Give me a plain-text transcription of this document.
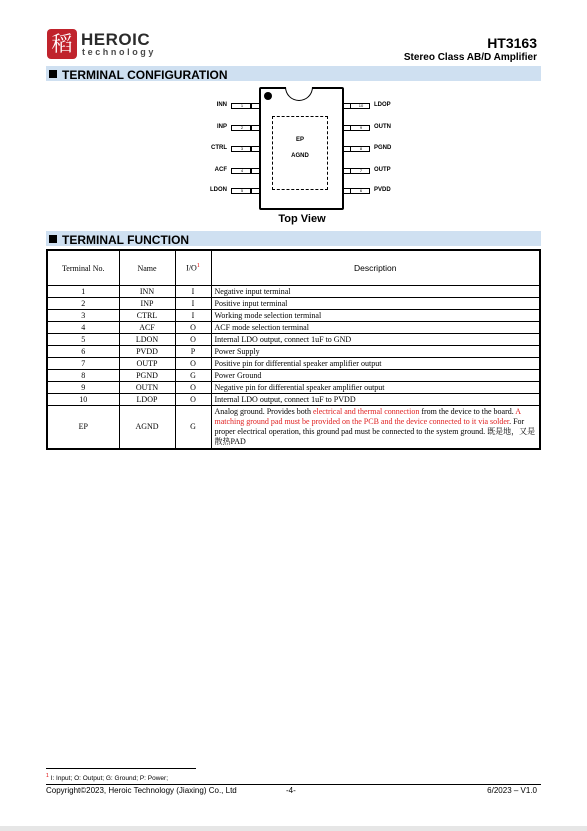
稻 HEROIC
technology
HT3163
Stereo Class AB/D Amplifier
TERMINAL CONFIGURATION
EP
AGND
INN	1
INP	2
CTRL	3
ACF	4
LDON	5
10	LDOP
9	OUTN
8	PGND
7	OUTP
6	PVDD
Top View
TERMINAL FUNCTION
Terminal No.	Name	I/O$^1$	Description
1	INN	I	Negative input terminal
2	INP	I	Positive input terminal
3	CTRL	I	Working mode selection terminal
4	ACF	O	ACF mode selection terminal
5	LDON	O	Internal LDO output, connect 1uF to GND
6	PVDD	P	Power Supply
7	OUTP	O	Positive pin for differential speaker amplifier output
8	PGND	G	Power Ground
9	OUTN	O	Negative pin for differential speaker amplifier output
10	LDOP	O	Internal LDO output, connect 1uF to PVDD
EP	AGND	G	Analog ground. Provides both electrical and thermal connection from the device to the board. A matching ground pad must be provided on the PCB and the device connected to it via solder. For proper electrical operation, this ground pad must be connected to the system ground. 既是地，又是散热PAD
$^1$ I: Input; O: Output; G: Ground; P: Power;
Copyright©2023, Heroic Technology (Jiaxing) Co., Ltd	-4-	6/2023 – V1.0
